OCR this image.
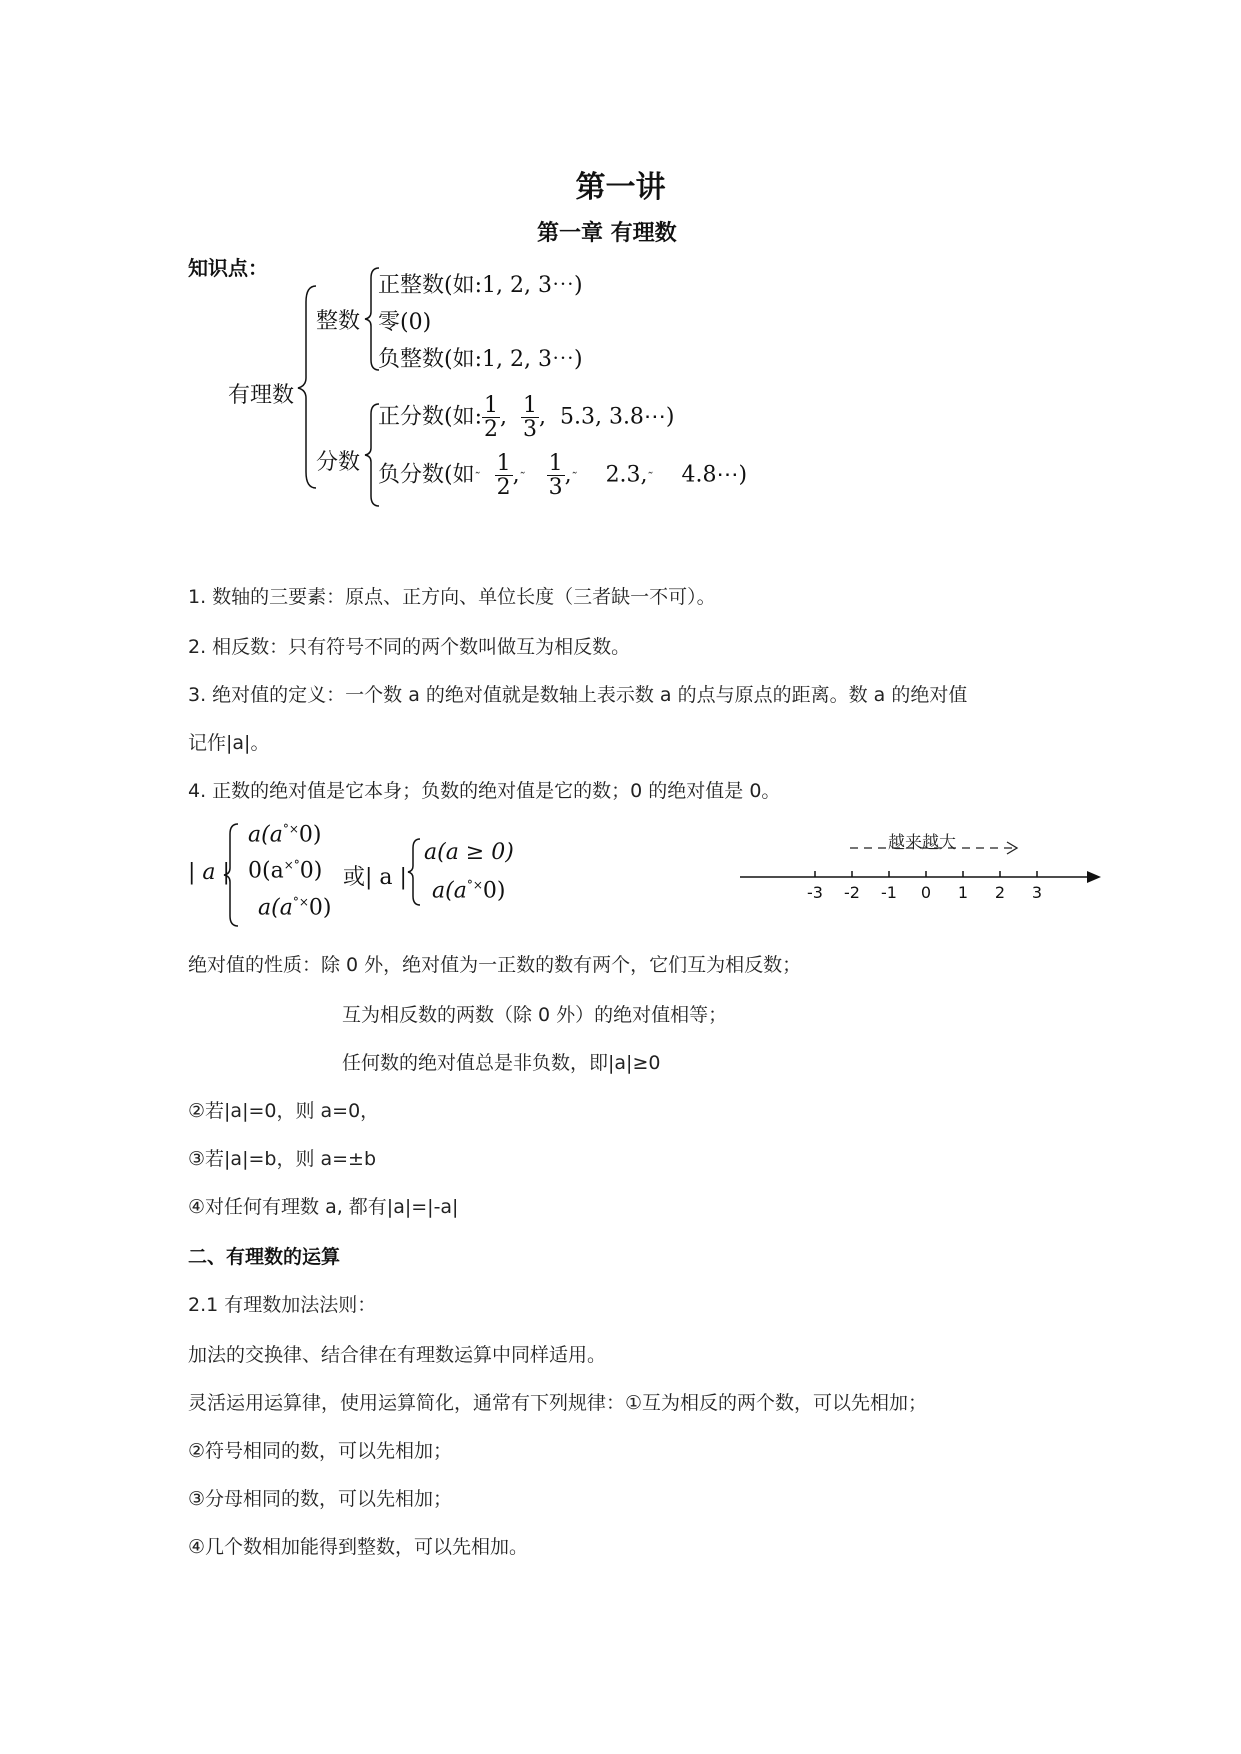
第一讲
第一章 有理数
知识点：
有理数
整数
正整数(如:1, 2, 3⋯)
零(0)
负整数(如:1, 2, 3⋯)
分数
正分数(如: $\frac{1}{2}$ , $\frac{1}{3}$ ,  5.3, 3.8⋯)
负分数(如˜ $\frac{1}{2}$ ,˜ $\frac{1}{3}$ ,˜ 2.3,˜ 4.8⋯)
1. 数轴的三要素：原点、正方向、单位长度（三者缺一不可）。
2. 相反数：只有符号不同的两个数叫做互为相反数。
3. 绝对值的定义：一个数 a 的绝对值就是数轴上表示数 a 的点与原点的距离。数 a 的绝对值
记作|a|。
4. 正数的绝对值是它本身；负数的绝对值是它的数；0 的绝对值是 0。
| a |
a(a°×0)
0(a×°0)
a(a°×0)
或| a |
a(a ≥ 0)
a(a°×0)
越来越大
-3 -2 -1	0	1	2	3
绝对值的性质：除 0 外，绝对值为一正数的数有两个，它们互为相反数；
互为相反数的两数（除 0 外）的绝对值相等；
任何数的绝对值总是非负数，即|a|≥0
②若|a|=0，则 a=0，
③若|a|=b，则 a=±b
④对任何有理数 a, 都有|a|=|-a|
二、有理数的运算
2.1 有理数加法法则：
加法的交换律、结合律在有理数运算中同样适用。
灵活运用运算律，使用运算简化，通常有下列规律：①互为相反的两个数，可以先相加；
②符号相同的数，可以先相加；
③分母相同的数，可以先相加；
④几个数相加能得到整数，可以先相加。
